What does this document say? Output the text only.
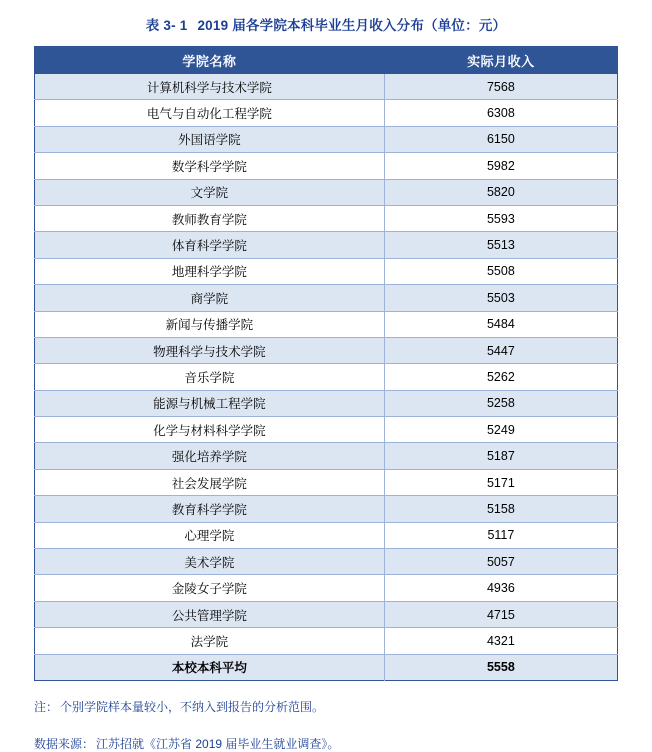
表 3- 1 2019 届各学院本科毕业生月收入分布（单位：元）
学院名称	实际月收入
计算机科学与技术学院	7568
电气与自动化工程学院	6308
外国语学院	6150
数学科学学院	5982
文学院	5820
教师教育学院	5593
体育科学学院	5513
地理科学学院	5508
商学院	5503
新闻与传播学院	5484
物理科学与技术学院	5447
音乐学院	5262
能源与机械工程学院	5258
化学与材料科学学院	5249
强化培养学院	5187
社会发展学院	5171
教育科学学院	5158
心理学院	5117
美术学院	5057
金陵女子学院	4936
公共管理学院	4715
法学院	4321
本校本科平均	5558
注： 个别学院样本量较小，不纳入到报告的分析范围。
数据来源： 江苏招就《江苏省 2019 届毕业生就业调查》。
